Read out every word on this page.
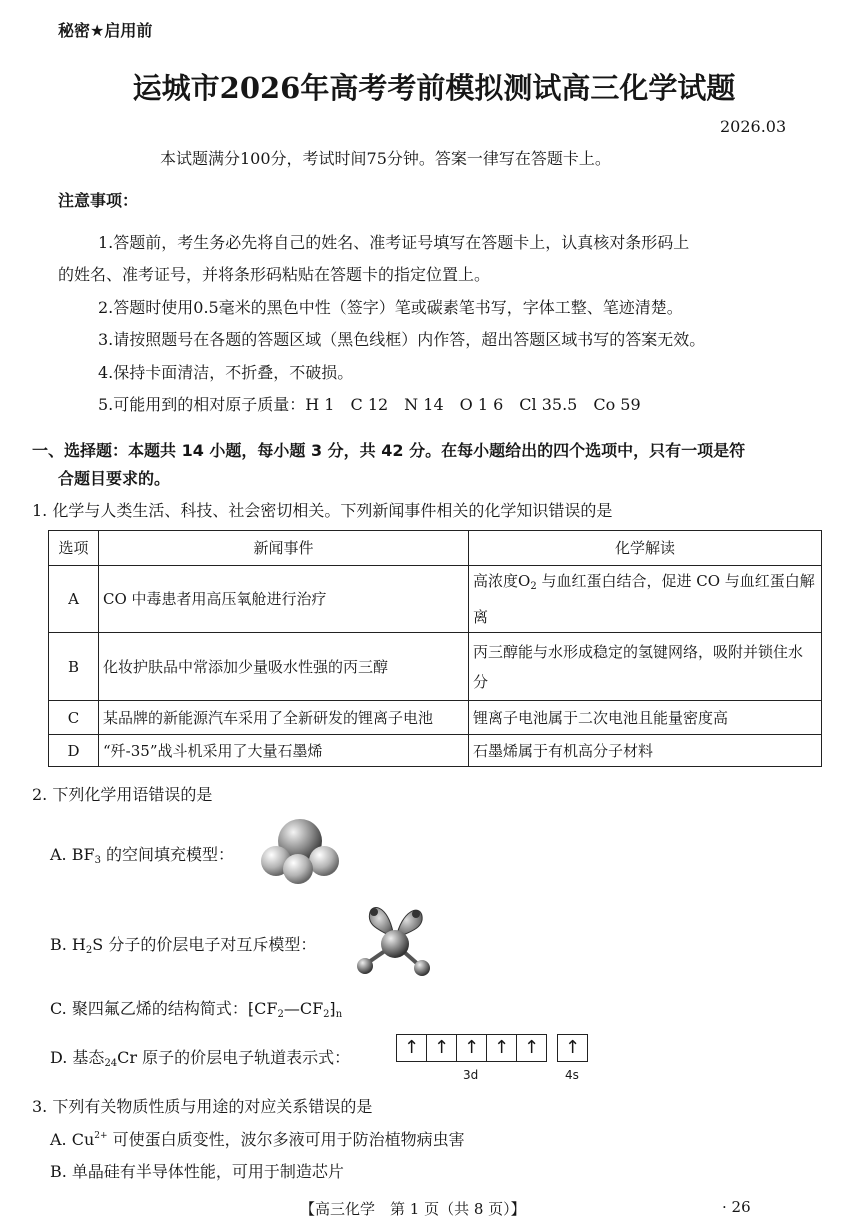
秘密★启用前
运城市2026年高考考前模拟测试高三化学试题
2026.03
本试题满分100分，考试时间75分钟。答案一律写在答题卡上。
注意事项：
1.答题前，考生务必先将自己的姓名、准考证号填写在答题卡上，认真核对条形码上
的姓名、准考证号，并将条形码粘贴在答题卡的指定位置上。
2.答题时使用0.5毫米的黑色中性（签字）笔或碳素笔书写，字体工整、笔迹清楚。
3.请按照题号在各题的答题区域（黑色线框）内作答，超出答题区域书写的答案无效。
4.保持卡面清洁，不折叠，不破损。
5.可能用到的相对原子质量：H 1　C 12　N 14　O 1 6　Cl 35.5　Co 59
一、选择题：本题共 14 小题，每小题 3 分，共 42 分。在每小题给出的四个选项中，只有一项是符
合题目要求的。
1. 化学与人类生活、科技、社会密切相关。下列新闻事件相关的化学知识错误的是
选项	新闻事件	化学解读
A	CO 中毒患者用高压氧舱进行治疗	高浓度$O_2$ 与血红蛋白结合，促进 CO 与血红蛋白解离
B	化妆护肤品中常添加少量吸水性强的丙三醇	丙三醇能与水形成稳定的氢键网络，吸附并锁住水分
C	某品牌的新能源汽车采用了全新研发的锂离子电池	锂离子电池属于二次电池且能量密度高
D	“歼-35”战斗机采用了大量石墨烯	石墨烯属于有机高分子材料
2. 下列化学用语错误的是
A. $BF_3$ 的空间填充模型：
B. $H_2S$ 分子的价层电子对互斥模型：
C. 聚四氟乙烯的结构简式：$⁅CF_2—CF_2⁆_n$
D. 基态$_{24}$Cr 原子的价层电子轨道表示式：	↑ ↑ ↑ ↑ ↑	↑
3d	4s
3. 下列有关物质性质与用途的对应关系错误的是
A. $Cu^{2+}$ 可使蛋白质变性，波尔多液可用于防治植物病虫害
B. 单晶硅有半导体性能，可用于制造芯片
【高三化学　第 1 页（共 8 页）】	· 26
